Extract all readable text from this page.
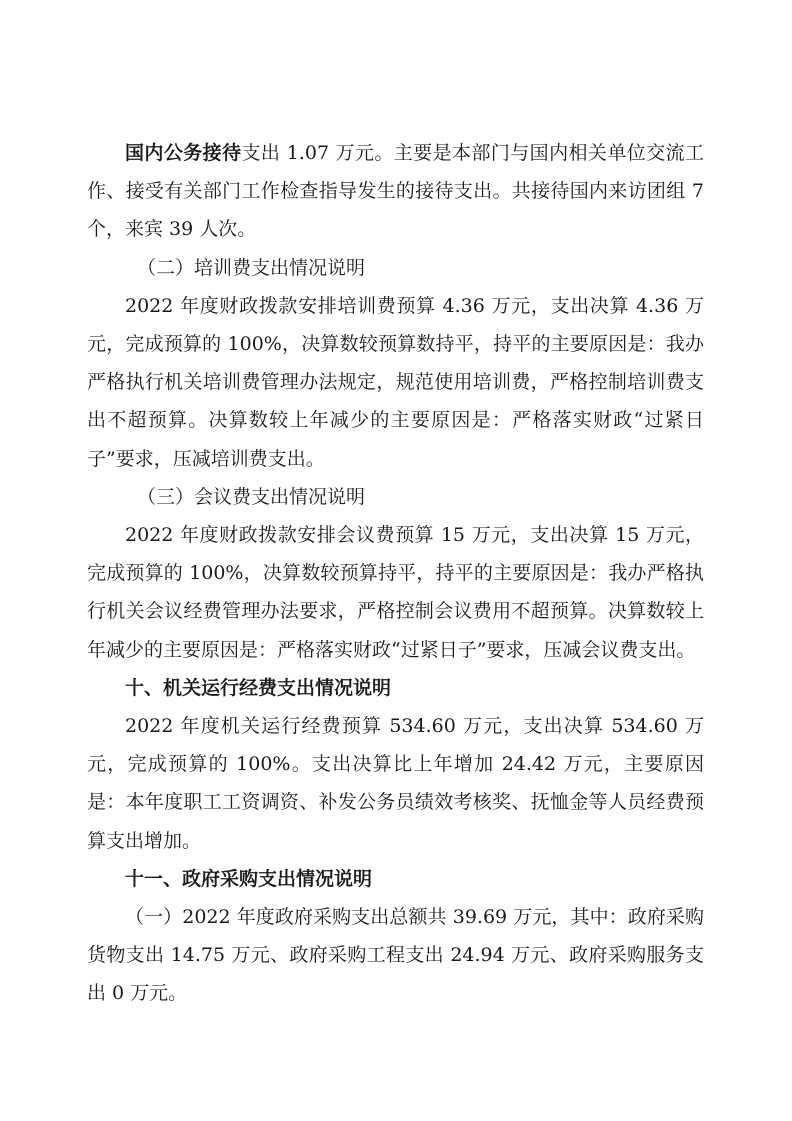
国内公务接待支出 1.07 万元。主要是本部门与国内相关单位交流工作、接受有关部门工作检查指导发生的接待支出。共接待国内来访团组 7 个，来宾 39 人次。

（二）培训费支出情况说明

2022 年度财政拨款安排培训费预算 4.36 万元，支出决算 4.36 万元，完成预算的 100%，决算数较预算数持平，持平的主要原因是：我办严格执行机关培训费管理办法规定，规范使用培训费，严格控制培训费支出不超预算。决算数较上年减少的主要原因是：严格落实财政“过紧日子”要求，压减培训费支出。

（三）会议费支出情况说明

2022 年度财政拨款安排会议费预算 15 万元，支出决算 15 万元，完成预算的 100%，决算数较预算持平，持平的主要原因是：我办严格执行机关会议经费管理办法要求，严格控制会议费用不超预算。决算数较上年减少的主要原因是：严格落实财政“过紧日子”要求，压减会议费支出。

十、机关运行经费支出情况说明

2022 年度机关运行经费预算 534.60 万元，支出决算 534.60 万元，完成预算的 100%。支出决算比上年增加 24.42 万元，主要原因是：本年度职工工资调资、补发公务员绩效考核奖、抚恤金等人员经费预算支出增加。

十一、政府采购支出情况说明

（一）2022 年度政府采购支出总额共 39.69 万元，其中：政府采购货物支出 14.75 万元、政府采购工程支出 24.94 万元、政府采购服务支出 0 万元。
